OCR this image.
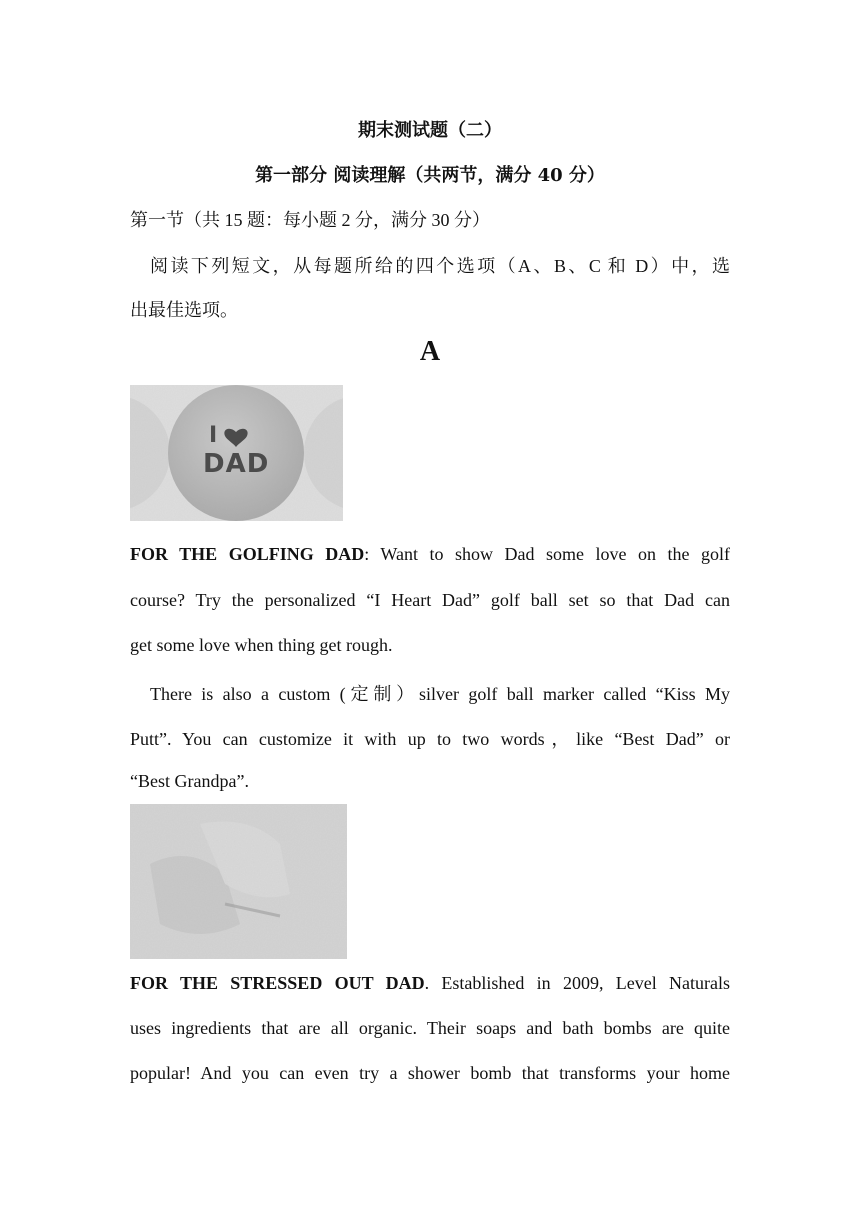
期末测试题（二）
第一部分 阅读理解（共两节，满分 40 分）
第一节（共 15 题：每小题 2 分，满分 30 分）
阅读下列短文，从每题所给的四个选项（A、B、C 和 D）中，选
出最佳选项。
A
I
DAD
FOR THE GOLFING DAD: Want to show Dad some love on the golf
course? Try the personalized “I Heart Dad” golf ball set so that Dad can
get some love when thing get rough.
There is also a custom (定制）silver golf ball marker called “Kiss My
Putt”. You can customize it with up to two words，like “Best Dad” or
“Best Grandpa”.
FOR THE STRESSED OUT DAD. Established in 2009, Level Naturals
uses ingredients that are all organic. Their soaps and bath bombs are quite
popular! And you can even try a shower bomb that transforms your home
